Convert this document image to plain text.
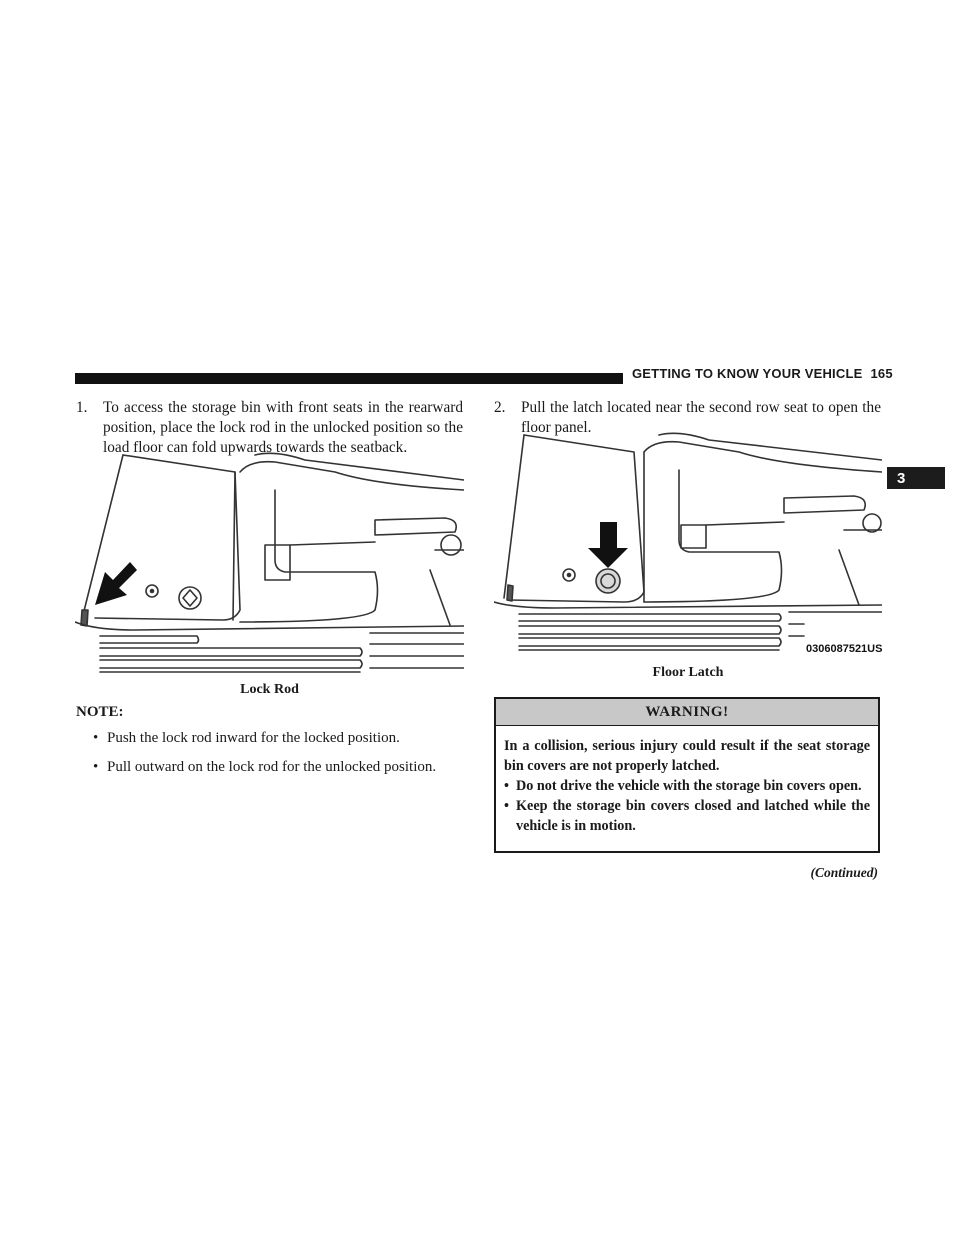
GETTING TO KNOW YOUR VEHICLE 165
3
1. To access the storage bin with front seats in the rearward position, place the lock rod in the unlocked position so the load floor can fold upwards towards the seatback.
Lock Rod
NOTE:
• Push the lock rod inward for the locked position.
• Pull outward on the lock rod for the unlocked position.
2. Pull the latch located near the second row seat to open the floor panel.
0306087521US
Floor Latch
WARNING!
In a collision, serious injury could result if the seat storage bin covers are not properly latched.
• Do not drive the vehicle with the storage bin covers open.
• Keep the storage bin covers closed and latched while the vehicle is in motion.
(Continued)
